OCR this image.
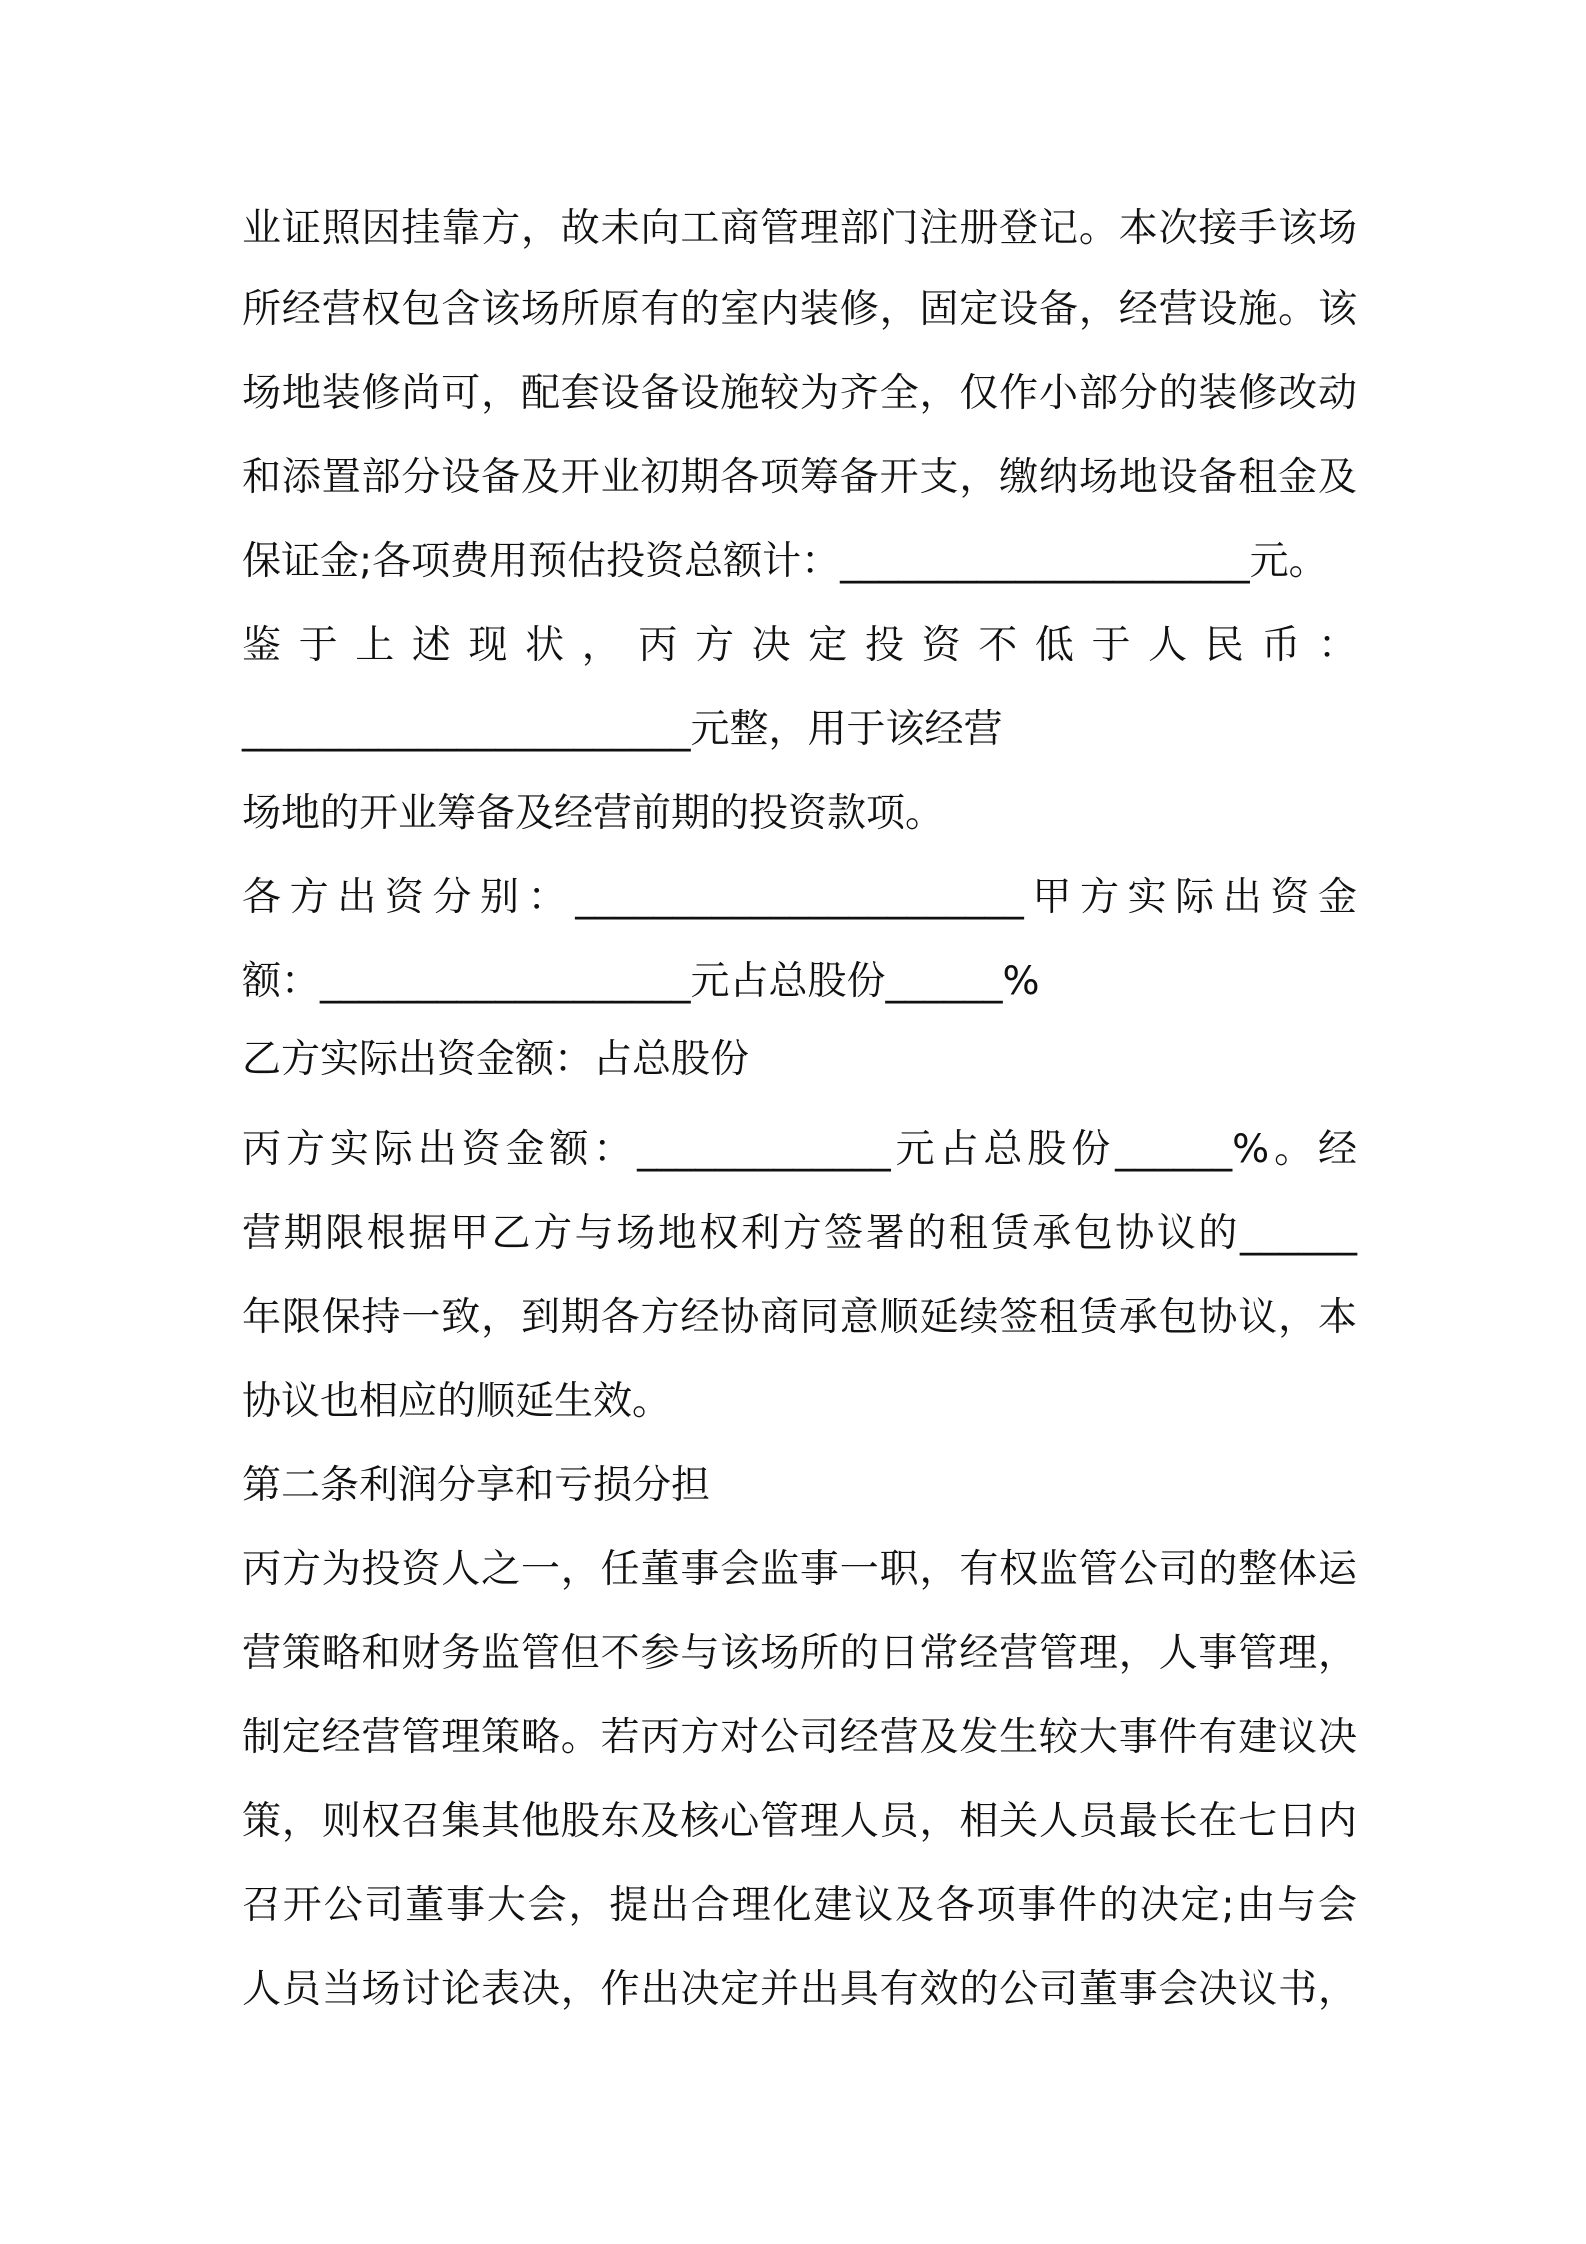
业证照因挂靠方，故未向工商管理部门注册登记。本次接手该场
所经营权包含该场所原有的室内装修，固定设备，经营设施。该
场地装修尚可，配套设备设施较为齐全，仅作小部分的装修改动
和添置部分设备及开业初期各项筹备开支，缴纳场地设备租金及
保证金;各项费用预估投资总额计：_____________________元。
鉴于上述现状，丙方决定投资不低于人民币：
_______________________元整，用于该经营
场地的开业筹备及经营前期的投资款项。
各方出资分别：_______________________甲方实际出资金
额：___________________元占总股份______%
乙方实际出资金额：占总股份
丙方实际出资金额：_____________元占总股份______%。经
营期限根据甲乙方与场地权利方签署的租赁承包协议的______
年限保持一致，到期各方经协商同意顺延续签租赁承包协议，本
协议也相应的顺延生效。
第二条利润分享和亏损分担
丙方为投资人之一，任董事会监事一职，有权监管公司的整体运
营策略和财务监管但不参与该场所的日常经营管理，人事管理，
制定经营管理策略。若丙方对公司经营及发生较大事件有建议决
策，则权召集其他股东及核心管理人员，相关人员最长在七日内
召开公司董事大会，提出合理化建议及各项事件的决定;由与会
人员当场讨论表决，作出决定并出具有效的公司董事会决议书，
